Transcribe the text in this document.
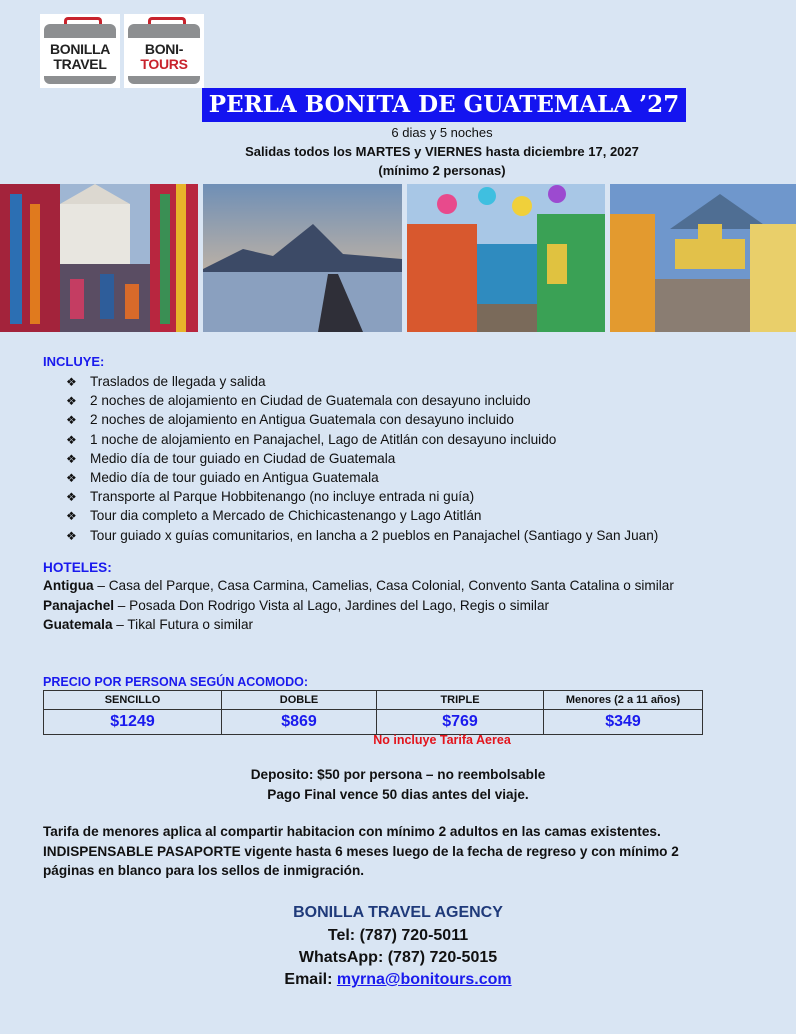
BONILLA
TRAVEL
BONI-
TOURS
PERLA BONITA DE GUATEMALA ’27
6 dias y 5 noches
Salidas todos los MARTES y VIERNES hasta diciembre 17, 2027
(mínimo 2 personas)
INCLUYE:
❖ Traslados de llegada y salida
❖ 2 noches de alojamiento en Ciudad de Guatemala con desayuno incluido
❖ 2 noches de alojamiento en Antigua Guatemala con desayuno incluido
❖ 1 noche de alojamiento en Panajachel, Lago de Atitlán con desayuno incluido
❖ Medio día de tour guiado en Ciudad de Guatemala
❖ Medio día de tour guiado en Antigua Guatemala
❖ Transporte al Parque Hobbitenango (no incluye entrada ni guía)
❖ Tour dia completo a Mercado de Chichicastenango y Lago Atitlán
❖ Tour guiado x guías comunitarios, en lancha a 2 pueblos en Panajachel (Santiago y San Juan)
HOTELES:
Antigua – Casa del Parque, Casa Carmina, Camelias, Casa Colonial, Convento Santa Catalina o similar
Panajachel – Posada Don Rodrigo Vista al Lago, Jardines del Lago, Regis o similar
Guatemala – Tikal Futura o similar
PRECIO POR PERSONA SEGÚN ACOMODO:
SENCILLO	DOBLE	TRIPLE	Menores (2 a 11 años)
$1249	$869	$769	$349
No incluye Tarifa Aerea
Deposito: $50 por persona – no reembolsable
Pago Final vence 50 dias antes del viaje.
Tarifa de menores aplica al compartir habitacion con mínimo 2 adultos en las camas existentes.
INDISPENSABLE PASAPORTE vigente hasta 6 meses luego de la fecha de regreso y con mínimo 2
páginas en blanco para los sellos de inmigración.
BONILLA TRAVEL AGENCY
Tel: (787) 720-5011
WhatsApp: (787) 720-5015
Email: myrna@bonitours.com
